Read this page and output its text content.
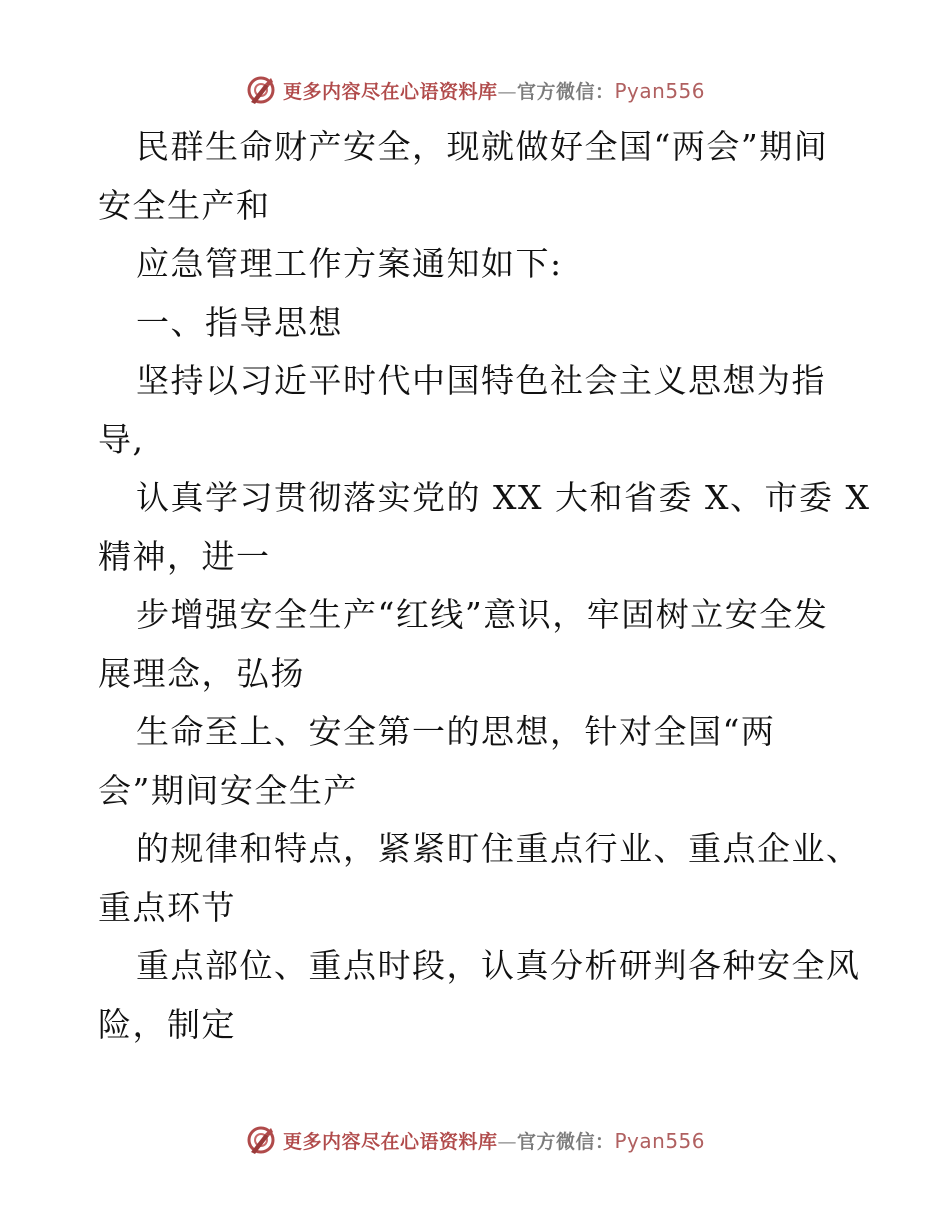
更多内容尽在心语资料库—官方微信：Pyan556
民群生命财产安全，现就做好全国“两会”期间
安全生产和
应急管理工作方案通知如下:
一、指导思想
坚持以习近平时代中国特色社会主义思想为指
导,
认真学习贯彻落实党的 XX 大和省委 X、市委 X
精神，进一
步增强安全生产“红线”意识，牢固树立安全发
展理念，弘扬
生命至上、安全第一的思想，针对全国“两
会”期间安全生产
的规律和特点，紧紧盯住重点行业、重点企业、
重点环节
重点部位、重点时段，认真分析研判各种安全风
险，制定
更多内容尽在心语资料库—官方微信：Pyan556
